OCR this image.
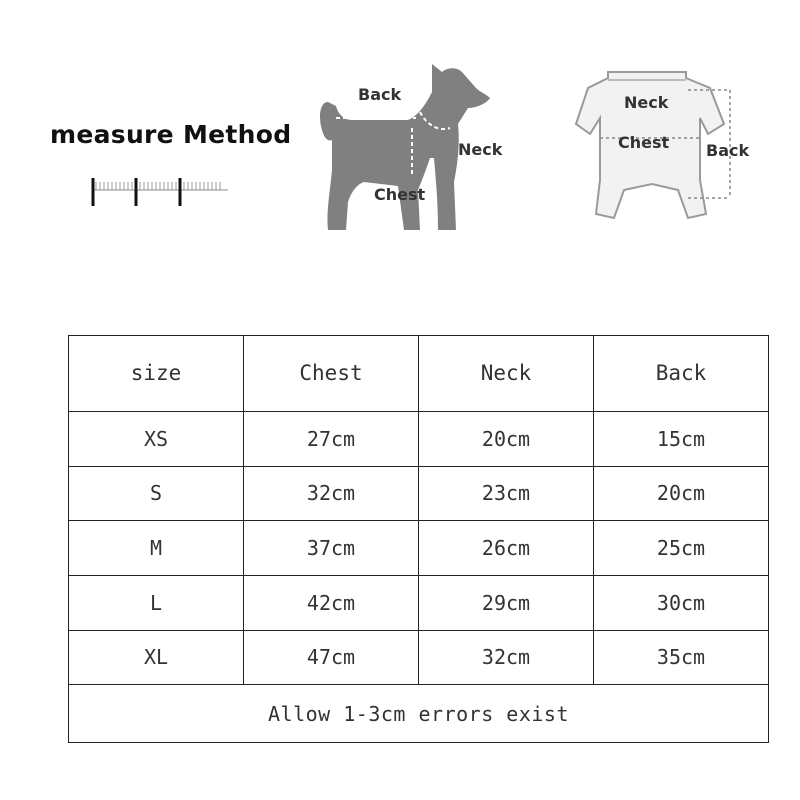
measure Method
Back
Neck
Chest
Neck
Chest Back
size	Chest	Neck	Back
XS	27cm	20cm	15cm
S	32cm	23cm	20cm
M	37cm	26cm	25cm
L	42cm	29cm	30cm
XL	47cm	32cm	35cm
Allow 1-3cm errors exist			
